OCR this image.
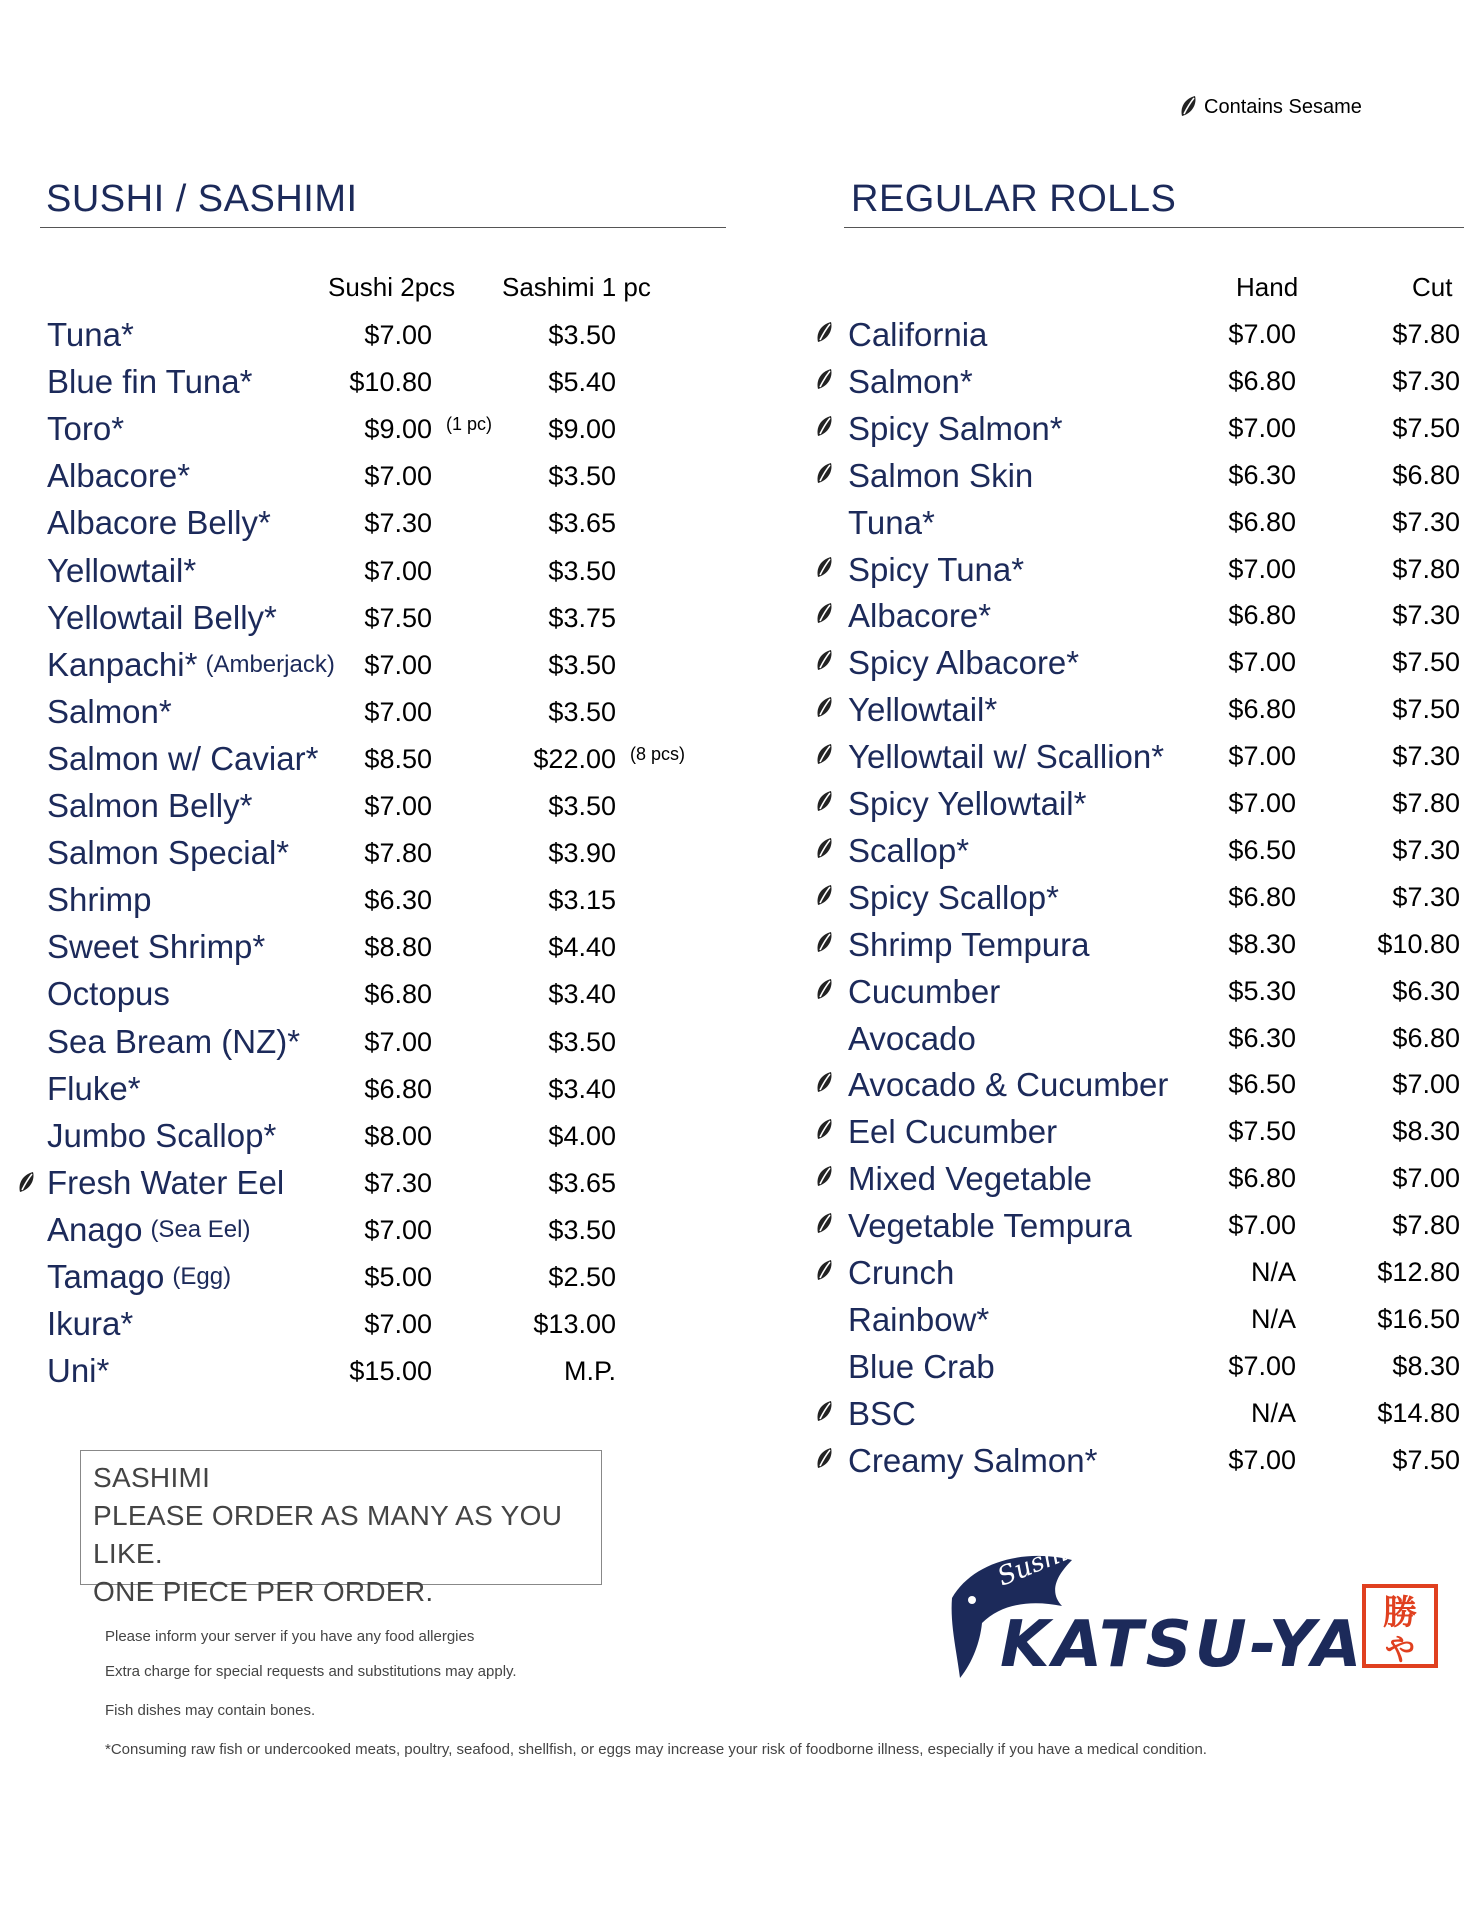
Contains Sesame
SUSHI / SASHIMI
Sushi 2pcs Sashimi 1 pc
Tuna*	$7.00	$3.50
Blue fin Tuna*	$10.80	$5.40
Toro*	$9.00 (1 pc) $9.00
Albacore*	$7.00	$3.50
Albacore Belly*	$7.30	$3.65
Yellowtail*	$7.00	$3.50
Yellowtail Belly*	$7.50	$3.75
Kanpachi* (Amberjack) $7.00	$3.50
Salmon*	$7.00	$3.50
Salmon w/ Caviar* $8.50	$22.00 (8 pcs)
Salmon Belly*	$7.00	$3.50
Salmon Special*	$7.80	$3.90
Shrimp	$6.30	$3.15
Sweet Shrimp*	$8.80	$4.40
Octopus	$6.80	$3.40
Sea Bream (NZ)* $7.00	$3.50
Fluke*	$6.80	$3.40
Jumbo Scallop*	$8.00	$4.00
Fresh Water Eel	$7.30	$3.65
Anago (Sea Eel)	$7.00	$3.50
Tamago (Egg)	$5.00	$2.50
Ikura*	$7.00	$13.00
Uni*	$15.00	M.P.
REGULAR ROLLS
Hand	Cut
California	$7.00	$7.80
Salmon*	$6.80	$7.30
Spicy Salmon*	$7.00	$7.50
Salmon Skin	$6.30	$6.80
Tuna*	$6.80	$7.30
Spicy Tuna*	$7.00	$7.80
Albacore*	$6.80	$7.30
Spicy Albacore*	$7.00	$7.50
Yellowtail*	$6.80	$7.50
Yellowtail w/ Scallion* $7.00	$7.30
Spicy Yellowtail*	$7.00	$7.80
Scallop*	$6.50	$7.30
Spicy Scallop*	$6.80	$7.30
Shrimp Tempura	$8.30	$10.80
Cucumber	$5.30	$6.30
Avocado	$6.30	$6.80
Avocado & Cucumber $6.50	$7.00
Eel Cucumber	$7.50	$8.30
Mixed Vegetable	$6.80	$7.00
Vegetable Tempura	$7.00	$7.80
Crunch	N/A	$12.80
Rainbow*	N/A	$16.50
Blue Crab	$7.00	$8.30
BSC	N/A	$14.80
Creamy Salmon*	$7.00	$7.50
SASHIMI
PLEASE ORDER AS MANY AS YOU LIKE.
ONE PIECE PER ORDER.
Please inform your server if you have any food allergies
Extra charge for special requests and substitutions may apply.
Fish dishes may contain bones.
*Consuming raw fish or undercooked meats, poultry, seafood, shellfish, or eggs may increase your risk of foodborne illness, especially if you have a medical condition.
Sushi
KATSU-YA 勝
や
